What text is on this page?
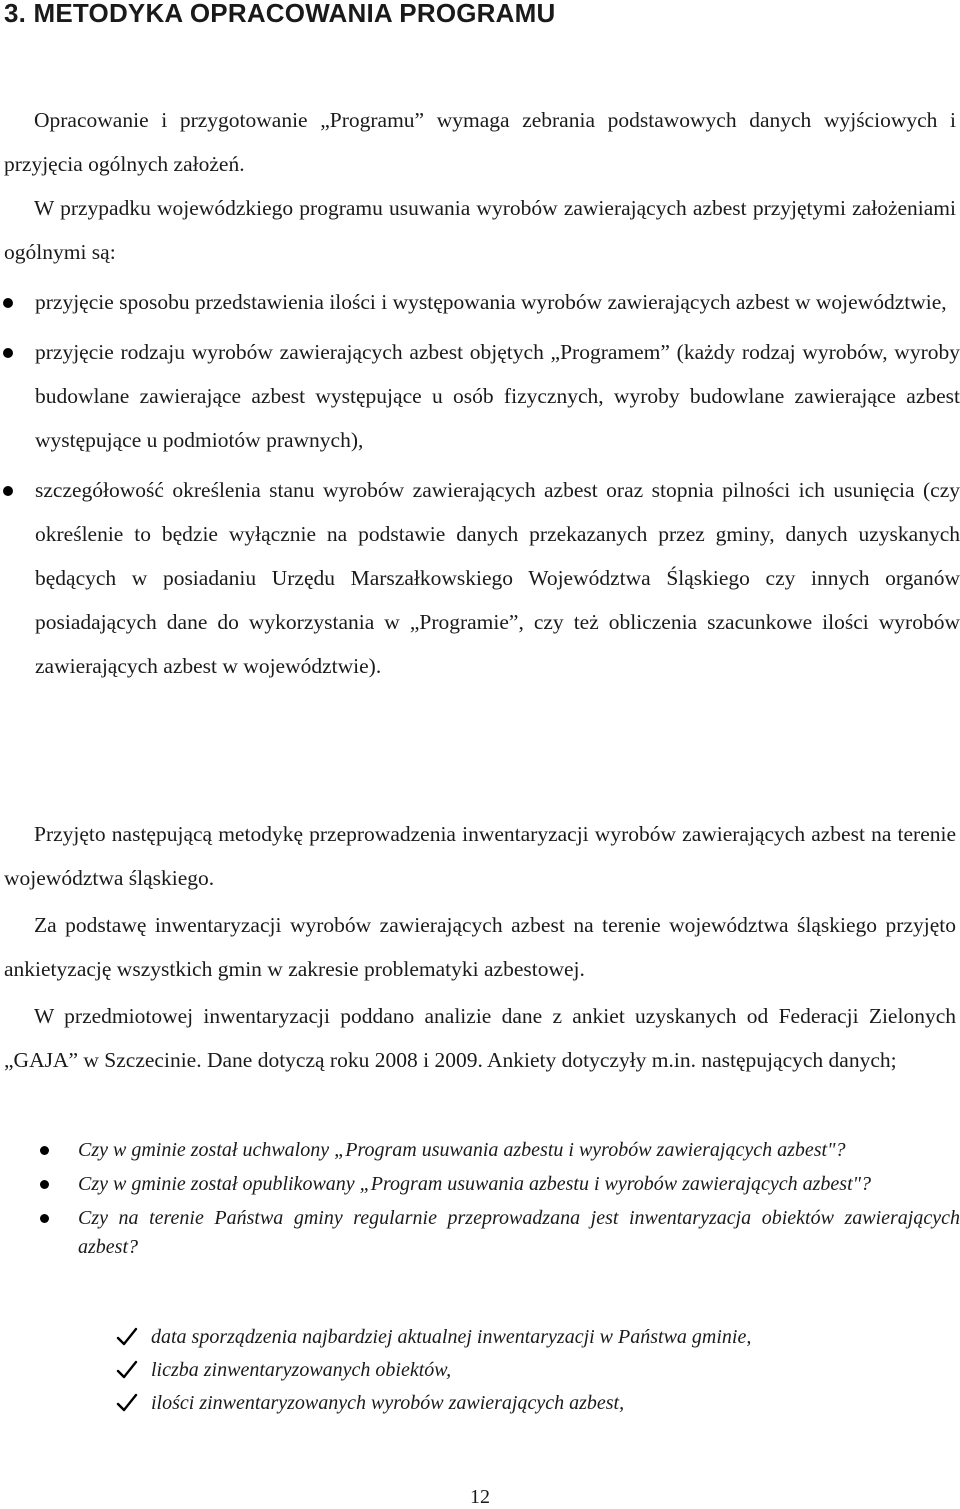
3. METODYKA OPRACOWANIA PROGRAMU

Opracowanie i przygotowanie „Programu” wymaga zebrania podstawowych danych wyjściowych i przyjęcia ogólnych założeń.

W przypadku wojewódzkiego programu usuwania wyrobów zawierających azbest przyjętymi założeniami ogólnymi są:

przyjęcie sposobu przedstawienia ilości i występowania wyrobów zawierających azbest w województwie,
przyjęcie rodzaju wyrobów zawierających azbest objętych „Programem” (każdy rodzaj wyrobów, wyroby budowlane zawierające azbest występujące u osób fizycznych, wyroby budowlane zawierające azbest występujące u podmiotów prawnych),
szczegółowość określenia stanu wyrobów zawierających azbest oraz stopnia pilności ich usunięcia (czy określenie to będzie wyłącznie na podstawie danych przekazanych przez gminy, danych uzyskanych będących w posiadaniu Urzędu Marszałkowskiego Województwa Śląskiego czy innych organów posiadających dane do wykorzystania w „Programie”, czy też obliczenia szacunkowe ilości wyrobów zawierających azbest w województwie).

Przyjęto następującą metodykę przeprowadzenia inwentaryzacji wyrobów zawierających azbest na terenie województwa śląskiego.

Za podstawę inwentaryzacji wyrobów zawierających azbest na terenie województwa śląskiego przyjęto ankietyzację wszystkich gmin w zakresie problematyki azbestowej.

W przedmiotowej inwentaryzacji poddano analizie dane z ankiet uzyskanych od Federacji Zielonych „GAJA” w Szczecinie. Dane dotyczą roku 2008 i 2009. Ankiety dotyczyły m.in. następujących danych;

Czy w gminie został uchwalony „Program usuwania azbestu i wyrobów zawierających azbest"?
Czy w gminie został opublikowany „Program usuwania azbestu i wyrobów zawierających azbest"?
Czy na terenie Państwa gminy regularnie przeprowadzana jest inwentaryzacja obiektów zawierających azbest?
data sporządzenia najbardziej aktualnej inwentaryzacji w Państwa gminie,
liczba zinwentaryzowanych obiektów,
ilości zinwentaryzowanych wyrobów zawierających azbest,
12
